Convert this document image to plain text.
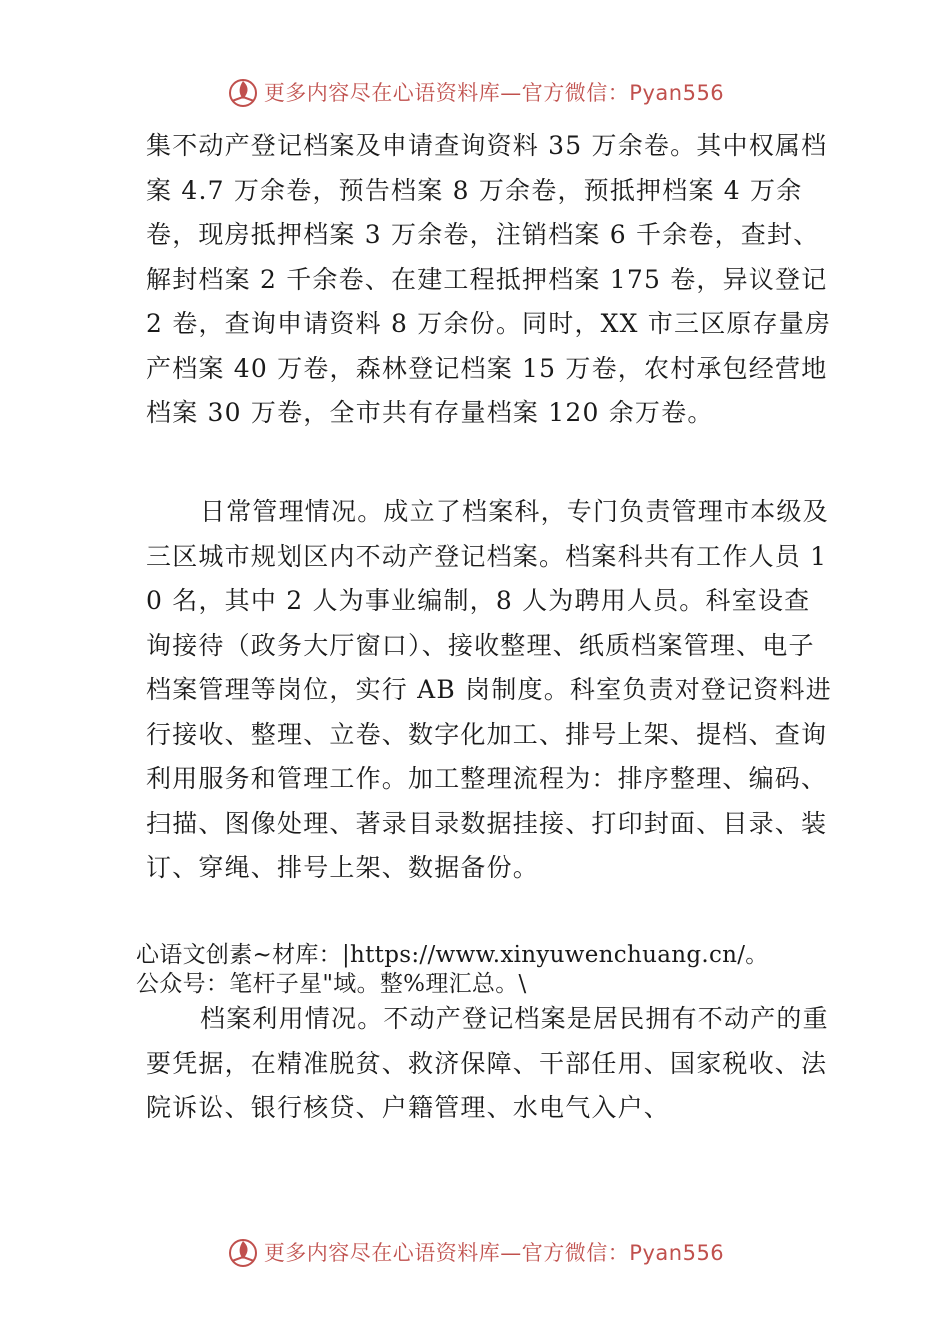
更多内容尽在心语资料库—官方微信：Pyan556

集不动产登记档案及申请查询资料 35 万余卷。其中权属档案 4.7 万余卷，预告档案 8 万余卷，预抵押档案 4 万余卷，现房抵押档案 3 万余卷，注销档案 6 千余卷，查封、解封档案 2 千余卷、在建工程抵押档案 175 卷，异议登记 2 卷，查询申请资料 8 万余份。同时，XX 市三区原存量房产档案 40 万卷，森林登记档案 15 万卷，农村承包经营地档案 30 万卷，全市共有存量档案 120 余万卷。

日常管理情况。成立了档案科，专门负责管理市本级及三区城市规划区内不动产登记档案。档案科共有工作人员 10 名，其中 2 人为事业编制，8 人为聘用人员。科室设查询接待（政务大厅窗口）、接收整理、纸质档案管理、电子档案管理等岗位，实行 AB 岗制度。科室负责对登记资料进行接收、整理、立卷、数字化加工、排号上架、提档、查询利用服务和管理工作。加工整理流程为：排序整理、编码、扫描、图像处理、著录目录数据挂接、打印封面、目录、装订、穿绳、排号上架、数据备份。

心语文创素~材库：|https://www.xinyuwenchuang.cn/。

公众号：笔杆子星"域。整%理汇总。\

档案利用情况。不动产登记档案是居民拥有不动产的重要凭据，在精准脱贫、救济保障、干部任用、国家税收、法院诉讼、银行核贷、户籍管理、水电气入户、

更多内容尽在心语资料库—官方微信：Pyan556
